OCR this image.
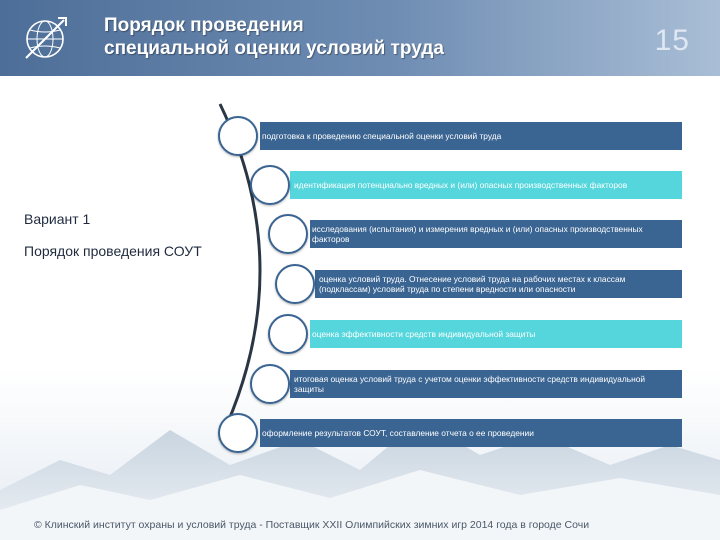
Порядок проведения
специальной оценки условий труда	15
Вариант 1
Порядок проведения СОУТ
подготовка к проведению специальной оценки условий труда
идентификация потенциально вредных и (или) опасных производственных факторов
исследования (испытания) и измерения вредных и (или) опасных производственных факторов
оценка условий труда. Отнесение условий труда на рабочих местах к классам (подклассам) условий труда по степени вредности или опасности
оценка эффективности средств индивидуальной защиты
итоговая оценка условий труда с учетом оценки эффективности средств индивидуальной защиты
оформление результатов СОУТ, составление отчета о ее проведении
© Клинский институт охраны и условий труда - Поставщик XXII Олимпийских зимних игр 2014 года в городе Сочи
